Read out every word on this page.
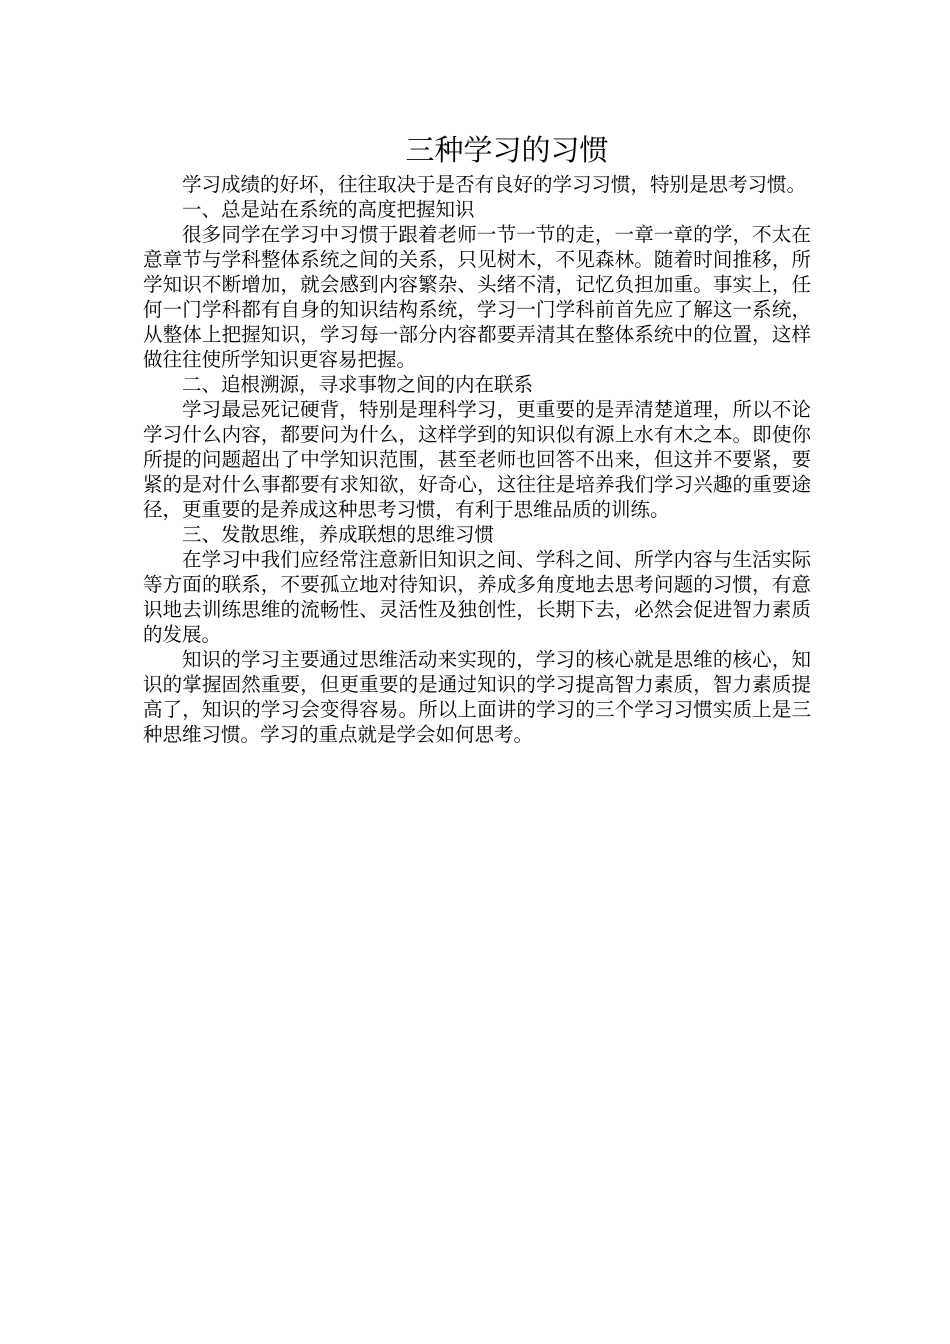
三种学习的习惯

学习成绩的好坏，往往取决于是否有良好的学习习惯，特别是思考习惯。

一、总是站在系统的高度把握知识

很多同学在学习中习惯于跟着老师一节一节的走，一章一章的学，不太在意章节与学科整体系统之间的关系，只见树木，不见森林。随着时间推移，所学知识不断增加，就会感到内容繁杂、头绪不清，记忆负担加重。事实上，任何一门学科都有自身的知识结构系统，学习一门学科前首先应了解这一系统，从整体上把握知识，学习每一部分内容都要弄清其在整体系统中的位置，这样做往往使所学知识更容易把握。

二、追根溯源，寻求事物之间的内在联系

学习最忌死记硬背，特别是理科学习，更重要的是弄清楚道理，所以不论学习什么内容，都要问为什么，这样学到的知识似有源上水有木之本。即使你所提的问题超出了中学知识范围，甚至老师也回答不出来，但这并不要紧，要紧的是对什么事都要有求知欲，好奇心，这往往是培养我们学习兴趣的重要途径，更重要的是养成这种思考习惯，有利于思维品质的训练。

三、发散思维，养成联想的思维习惯

在学习中我们应经常注意新旧知识之间、学科之间、所学内容与生活实际等方面的联系，不要孤立地对待知识，养成多角度地去思考问题的习惯，有意识地去训练思维的流畅性、灵活性及独创性，长期下去，必然会促进智力素质的发展。

知识的学习主要通过思维活动来实现的，学习的核心就是思维的核心，知识的掌握固然重要，但更重要的是通过知识的学习提高智力素质，智力素质提高了，知识的学习会变得容易。所以上面讲的学习的三个学习习惯实质上是三种思维习惯。学习的重点就是学会如何思考。
